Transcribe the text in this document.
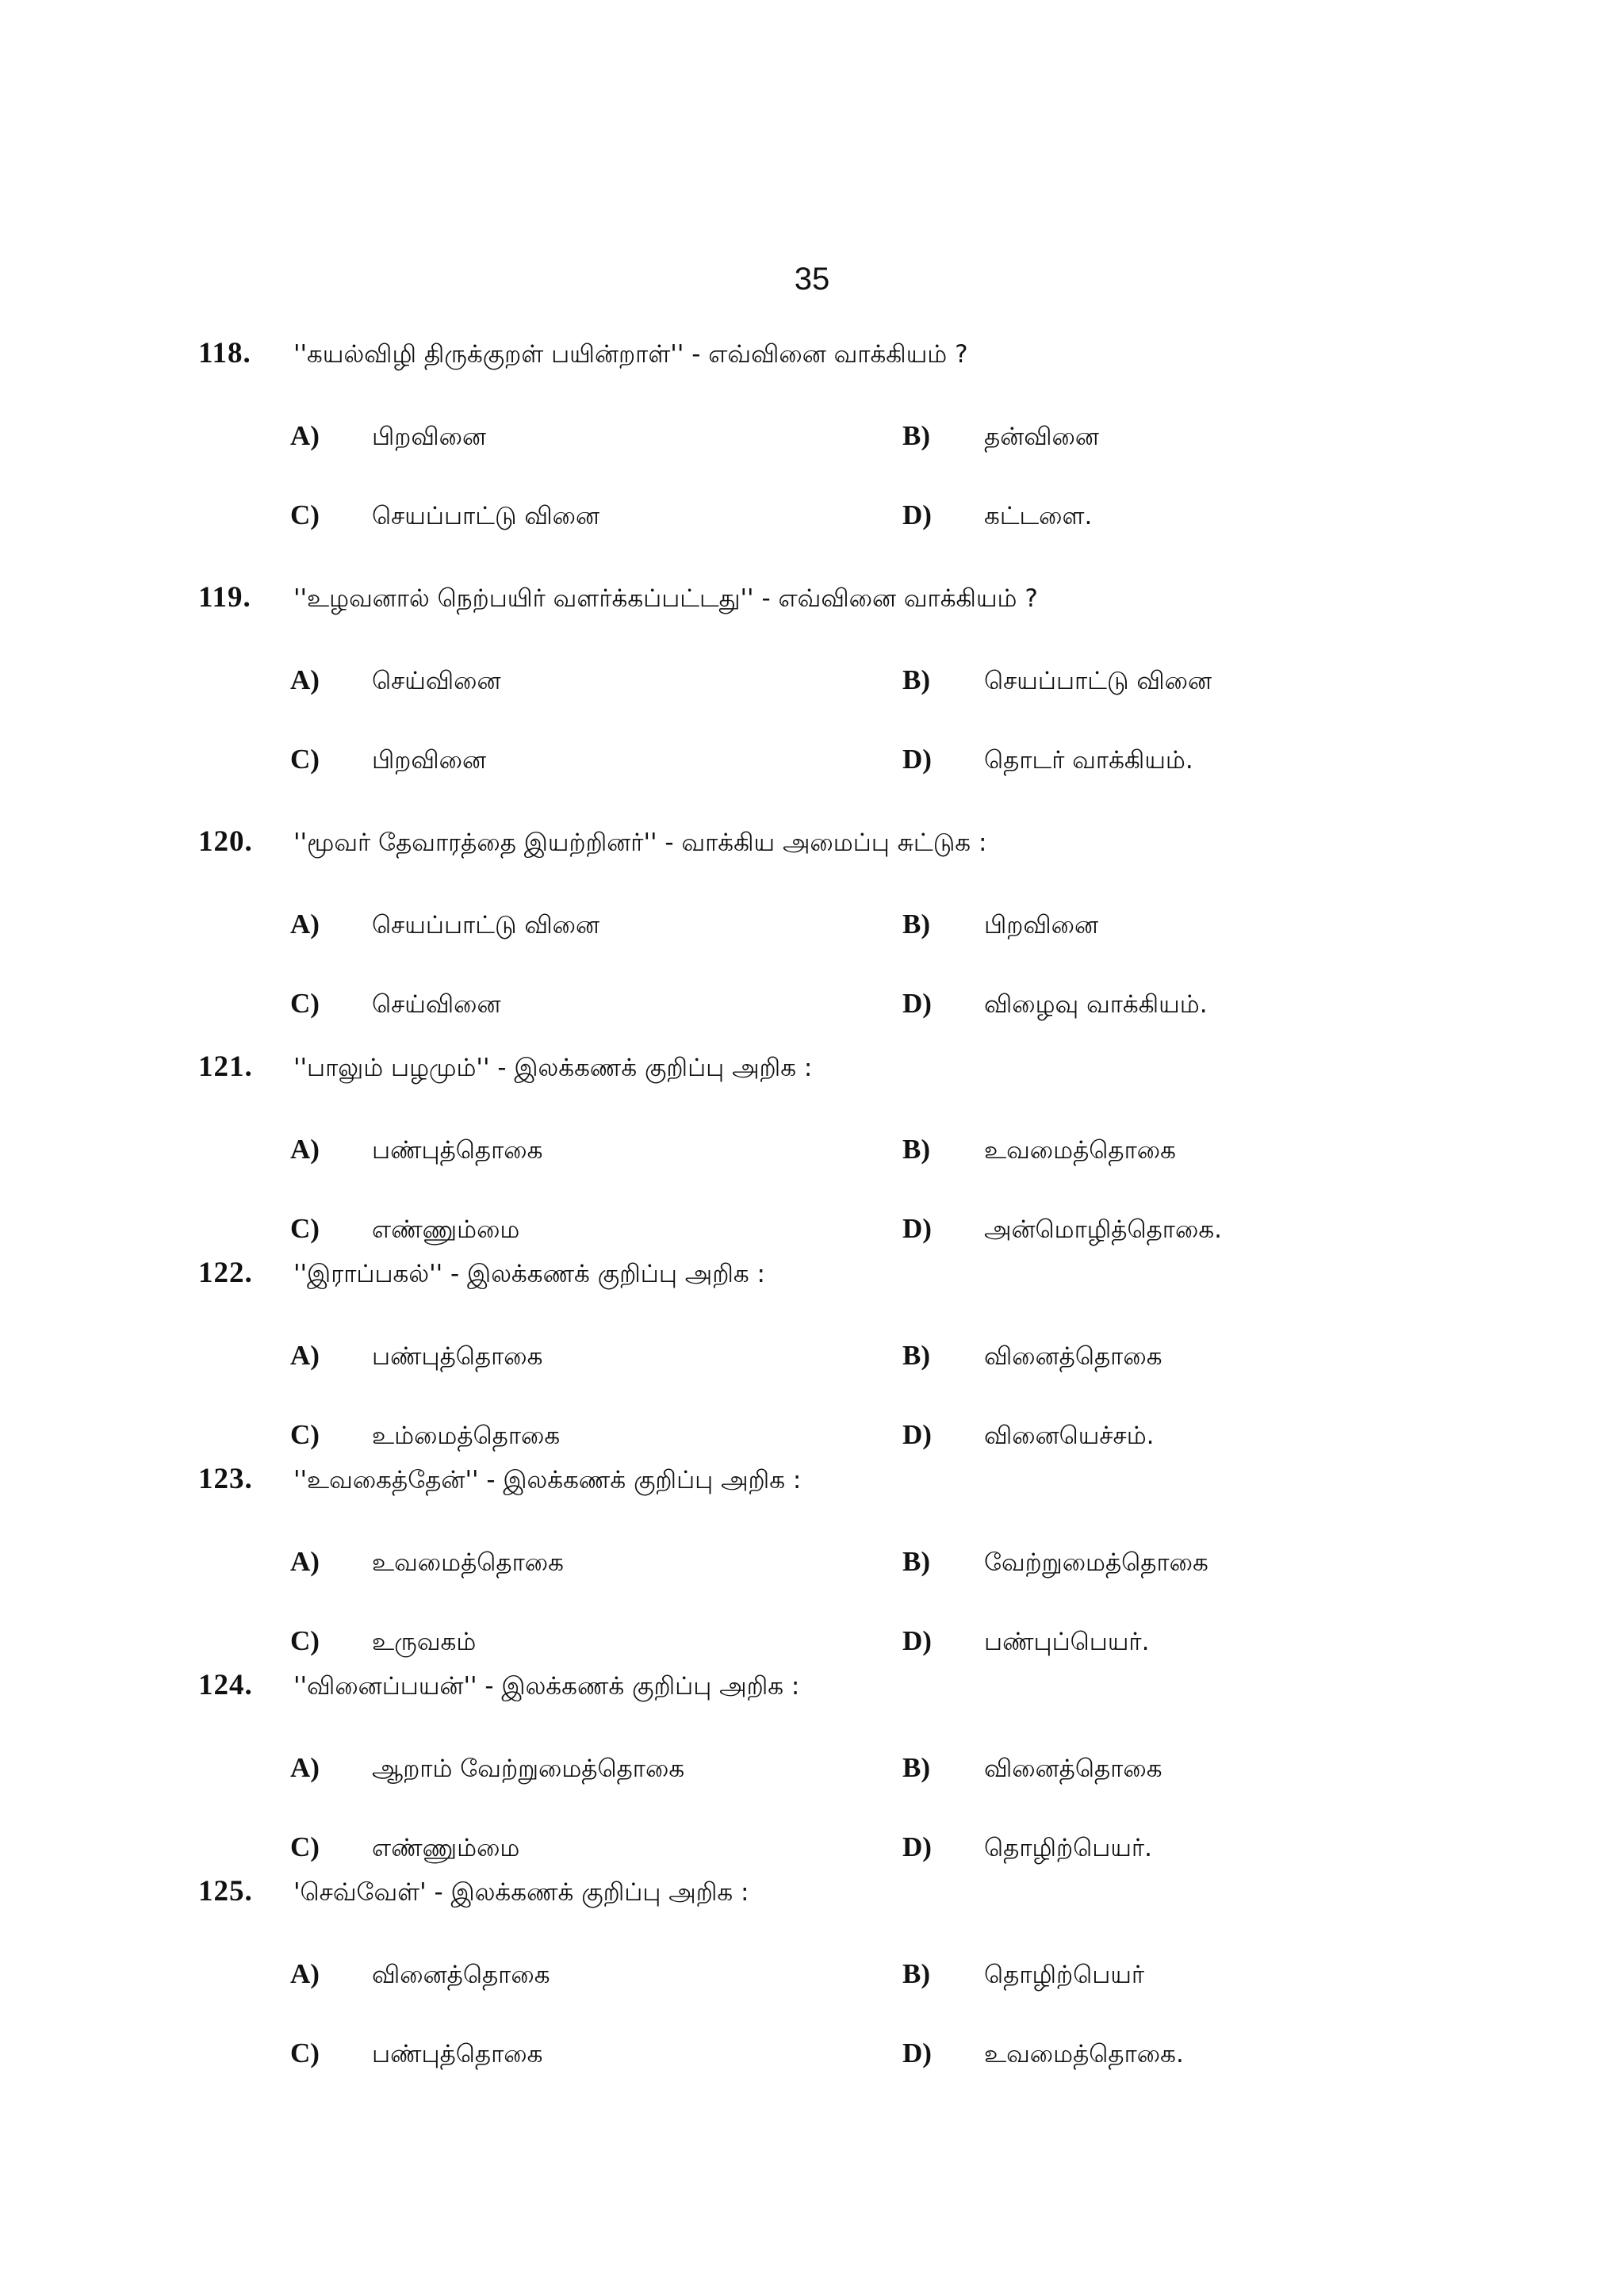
35
118.	''கயல்விழி திருக்குறள் பயின்றாள்'' - எவ்வினை வாக்கியம் ?
A)	பிறவினை	B)	தன்வினை
C)	செயப்பாட்டு வினை	D)	கட்டளை.
119.	''உழவனால் நெற்பயிர் வளர்க்கப்பட்டது'' - எவ்வினை வாக்கியம் ?
A)	செய்வினை	B)	செயப்பாட்டு வினை
C)	பிறவினை	D)	தொடர் வாக்கியம்.
120.	''மூவர் தேவாரத்தை இயற்றினர்'' - வாக்கிய அமைப்பு சுட்டுக :
A)	செயப்பாட்டு வினை	B)	பிறவினை
C)	செய்வினை	D)	விழைவு வாக்கியம்.
121.	''பாலும் பழமும்'' - இலக்கணக் குறிப்பு அறிக :
A)	பண்புத்தொகை	B)	உவமைத்தொகை
C)	எண்ணும்மை	D)	அன்மொழித்தொகை.
122.	''இராப்பகல்'' - இலக்கணக் குறிப்பு அறிக :
A)	பண்புத்தொகை	B)	வினைத்தொகை
C)	உம்மைத்தொகை	D)	வினையெச்சம்.
123.	''உவகைத்தேன்'' - இலக்கணக் குறிப்பு அறிக :
A)	உவமைத்தொகை	B)	வேற்றுமைத்தொகை
C)	உருவகம்	D)	பண்புப்பெயர்.
124.	''வினைப்பயன்'' - இலக்கணக் குறிப்பு அறிக :
A)	ஆறாம் வேற்றுமைத்தொகை	B)	வினைத்தொகை
C)	எண்ணும்மை	D)	தொழிற்பெயர்.
125.	'செவ்வேள்' - இலக்கணக் குறிப்பு அறிக :
A)	வினைத்தொகை	B)	தொழிற்பெயர்
C)	பண்புத்தொகை	D)	உவமைத்தொகை.
